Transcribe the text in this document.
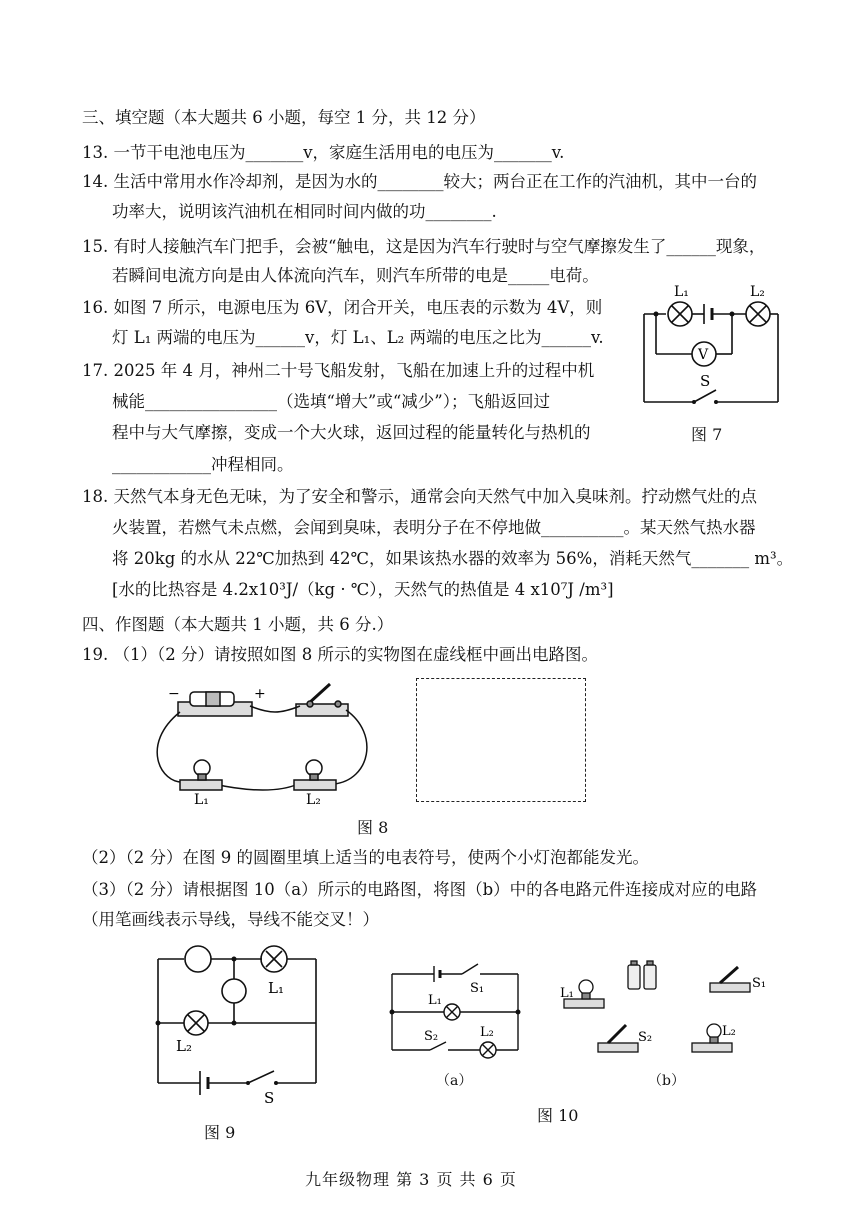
三、填空题（本大题共 6 小题，每空 1 分，共 12 分）
13. 一节干电池电压为_______v，家庭生活用电的电压为_______v.
14. 生活中常用水作冷却剂，是因为水的________较大；两台正在工作的汽油机，其中一台的
功率大，说明该汽油机在相同时间内做的功________.
15. 有时人接触汽车门把手，会被“触电，这是因为汽车行驶时与空气摩擦发生了______现象，
若瞬间电流方向是由人体流向汽车，则汽车所带的电是_____电荷。
16. 如图 7 所示，电源电压为 6V，闭合开关，电压表的示数为 4V，则
灯 L₁ 两端的电压为______v，灯 L₁、L₂ 两端的电压之比为______v.
17. 2025 年 4 月，神州二十号飞船发射，飞船在加速上升的过程中机
械能________________（选填“增大”或“减少”）；飞船返回过
程中与大气摩擦，变成一个大火球，返回过程的能量转化与热机的
____________冲程相同。
18. 天然气本身无色无味，为了安全和警示，通常会向天然气中加入臭味剂。拧动燃气灶的点
火装置，若燃气未点燃，会闻到臭味，表明分子在不停地做__________。某天然气热水器
将 20kg 的水从 22℃加热到 42℃，如果该热水器的效率为 56%，消耗天然气_______ m³。
[水的比热容是 4.2x10³J/（kg · ℃），天然气的热值是 4 x10⁷J /m³]
L₁	L₂
V
S
图 7
四、作图题（本大题共 1 小题，共 6 分.）
19. （1）（2 分）请按照如图 8 所示的实物图在虚线框中画出电路图。
−	+
L₁	L₂
图 8
（2）（2 分）在图 9 的圆圈里填上适当的电表符号，使两个小灯泡都能发光。
（3）（2 分）请根据图 10（a）所示的电路图，将图（b）中的各电路元件连接成对应的电路
（用笔画线表示导线，导线不能交叉！）
L₁
L₂
S
图 9
S₁
L₁
S₂	L₂
（a）
L₁
S₁
S₂	L₂
（b）
图 10
九年级物理 第 3 页 共 6 页
